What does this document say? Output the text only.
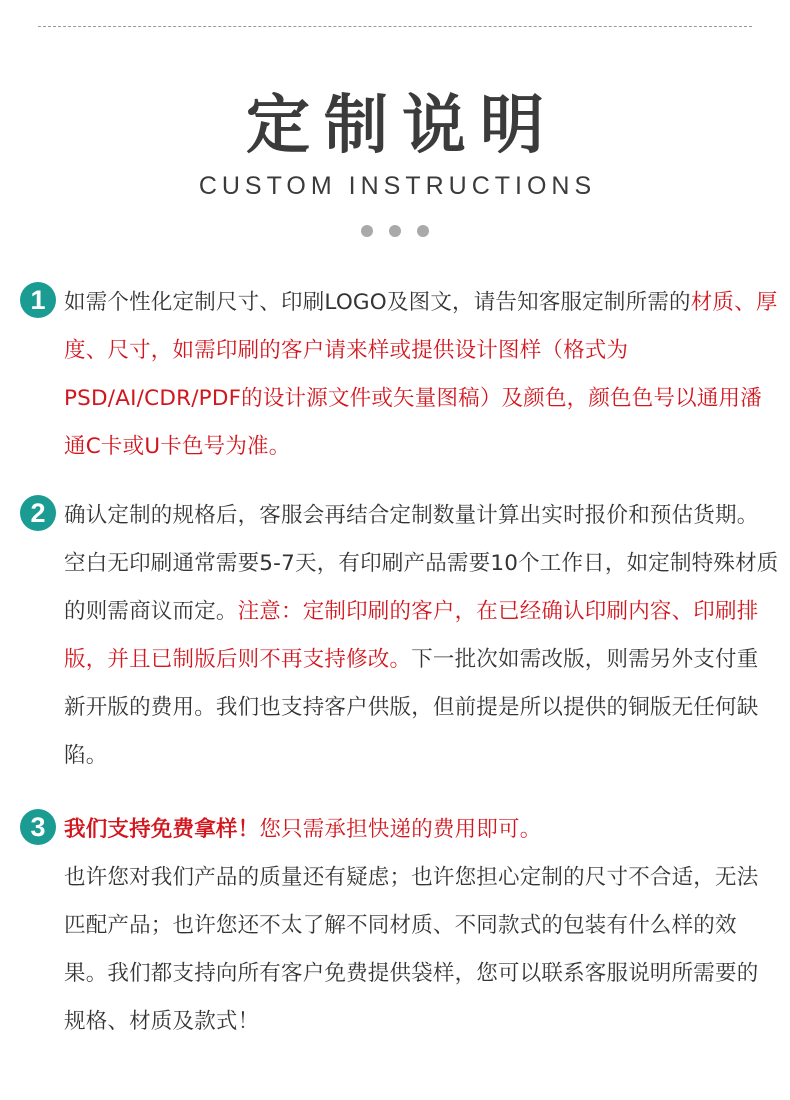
定制说明
CUSTOM INSTRUCTIONS
1 如需个性化定制尺寸、印刷LOGO及图文，请告知客服定制所需的材质、厚度、尺寸，如需印刷的客户请来样或提供设计图样（格式为PSD/AI/CDR/PDF的设计源文件或矢量图稿）及颜色，颜色色号以通用潘通C卡或U卡色号为准。

2 确认定制的规格后，客服会再结合定制数量计算出实时报价和预估货期。空白无印刷通常需要5-7天，有印刷产品需要10个工作日，如定制特殊材质的则需商议而定。注意：定制印刷的客户，在已经确认印刷内容、印刷排版，并且已制版后则不再支持修改。下一批次如需改版，则需另外支付重新开版的费用。我们也支持客户供版，但前提是所以提供的铜版无任何缺陷。

3 我们支持免费拿样！您只需承担快递的费用即可。
也许您对我们产品的质量还有疑虑；也许您担心定制的尺寸不合适，无法匹配产品；也许您还不太了解不同材质、不同款式的包装有什么样的效果。我们都支持向所有客户免费提供袋样，您可以联系客服说明所需要的规格、材质及款式！
